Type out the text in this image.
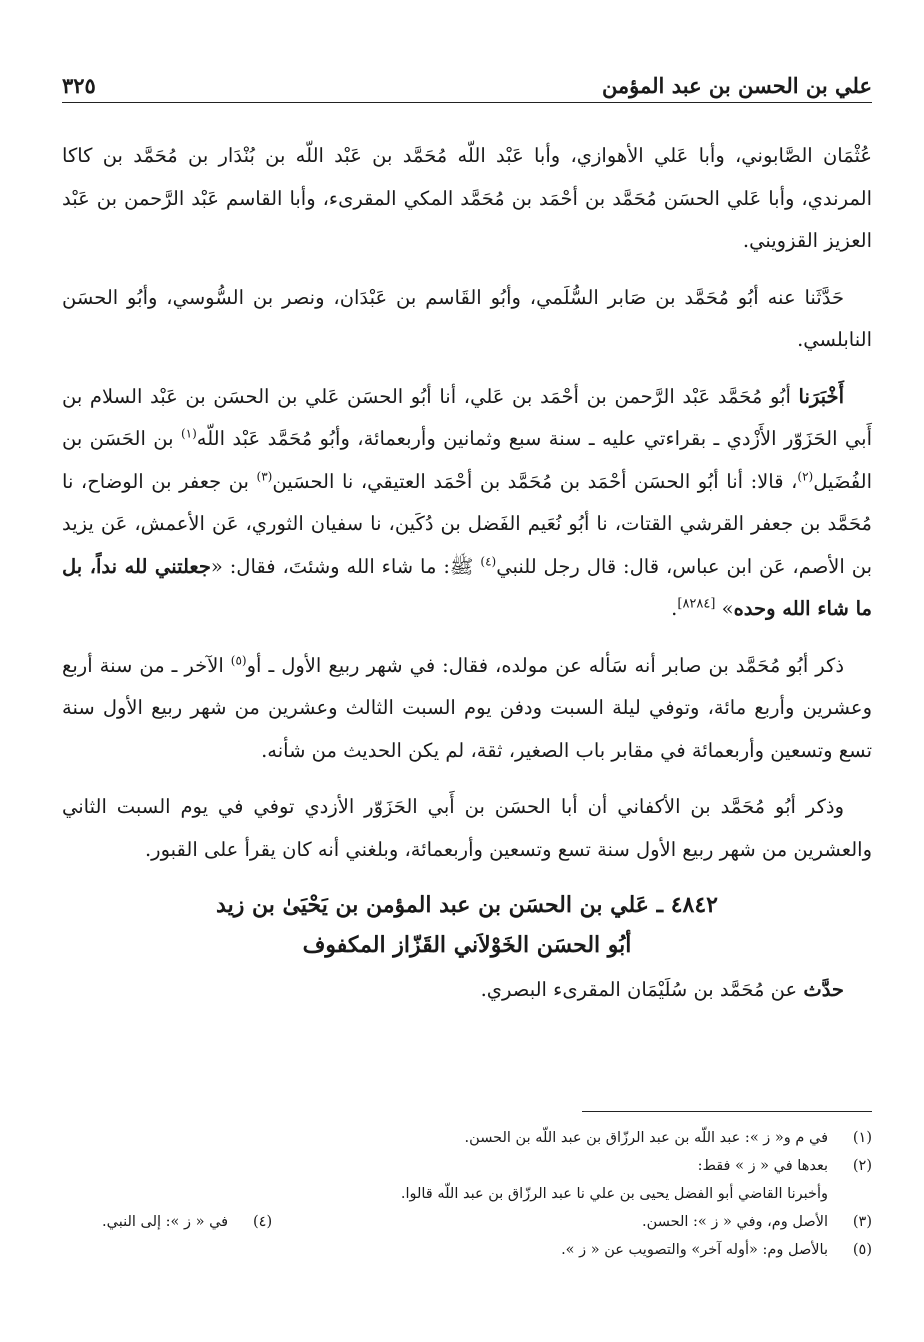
علي بن الحسن بن عبد المؤمن
٣٢٥

عُثْمَان الصَّابوني، وأبا عَلي الأهوازي، وأبا عَبْد اللّه مُحَمَّد بن عَبْد اللّه بن بُنْدَار بن مُحَمَّد بن كاكا المرندي، وأبا عَلي الحسَن مُحَمَّد بن أحْمَد بن مُحَمَّد المكي المقرىء، وأبا القاسم عَبْد الرَّحمن بن عَبْد العزيز القزويني.

حَدَّثَنا عنه أبُو مُحَمَّد بن صَابر السُّلَمي، وأبُو القَاسم بن عَبْدَان، ونصر بن السُّوسي، وأبُو الحسَن النابلسي.

أَخْبَرَنا أبُو مُحَمَّد عَبْد الرَّحمن بن أحْمَد بن عَلي، أنا أبُو الحسَن عَلي بن الحسَن بن عَبْد السلام بن أَبي الحَزَوّر الأَزْدي ـ بقراءتي عليه ـ سنة سبع وثمانين وأربعمائة، وأبُو مُحَمَّد عَبْد اللّه$^{(١)}$ بن الحَسَن بن الفُضَيل$^{(٢)}$، قالا: أنا أبُو الحسَن أحْمَد بن مُحَمَّد بن أحْمَد العتيقي، نا الحسَين$^{(٣)}$ بن جعفر بن الوضاح، نا مُحَمَّد بن جعفر القرشي القتات، نا أبُو نُعَيم الفَضل بن دُكَين، نا سفيان الثوري، عَن الأعمش، عَن يزيد بن الأصم، عَن ابن عباس، قال: قال رجل للنبي$^{(٤)}$ ﷺ: ما شاء الله وشئتَ، فقال: «جعلتني لله نداً، بل ما شاء الله وحده» [٨٢٨٤].

ذكر أبُو مُحَمَّد بن صابر أنه سَأله عن مولده، فقال: في شهر ربيع الأول ـ أو$^{(٥)}$ الآخر ـ من سنة أربع وعشرين وأربع مائة، وتوفي ليلة السبت ودفن يوم السبت الثالث وعشرين من شهر ربيع الأول سنة تسع وتسعين وأربعمائة في مقابر باب الصغير، ثقة، لم يكن الحديث من شأنه.

وذكر أبُو مُحَمَّد بن الأكفاني أن أبا الحسَن بن أَبي الحَزَوّر الأزدي توفي في يوم السبت الثاني والعشرين من شهر ربيع الأول سنة تسع وتسعين وأربعمائة، وبلغني أنه كان يقرأ على القبور.

٤٨٤٢ ـ عَلي بن الحسَن بن عبد المؤمن بن يَحْيَىٰ بن زيد
أبُو الحسَن الخَوْلاَني القَزّاز المكفوف

حدَّث عن مُحَمَّد بن سُلَيْمَان المقرىء البصري.

(١)
في م و« ز »: عبد اللّه بن عبد الرزّاق بن عبد اللّه بن الحسن.
(٢)
بعدها في « ز » فقط:
وأخبرنا القاضي أبو الفضل يحيى بن علي نا عبد الرزّاق بن عبد اللّه قالوا.
(٣)
الأصل وم، وفي « ز »: الحسن.
(٤)
في « ز »: إلى النبي.
(٥)
بالأصل وم: «أوله آخر» والتصويب عن « ز ».
